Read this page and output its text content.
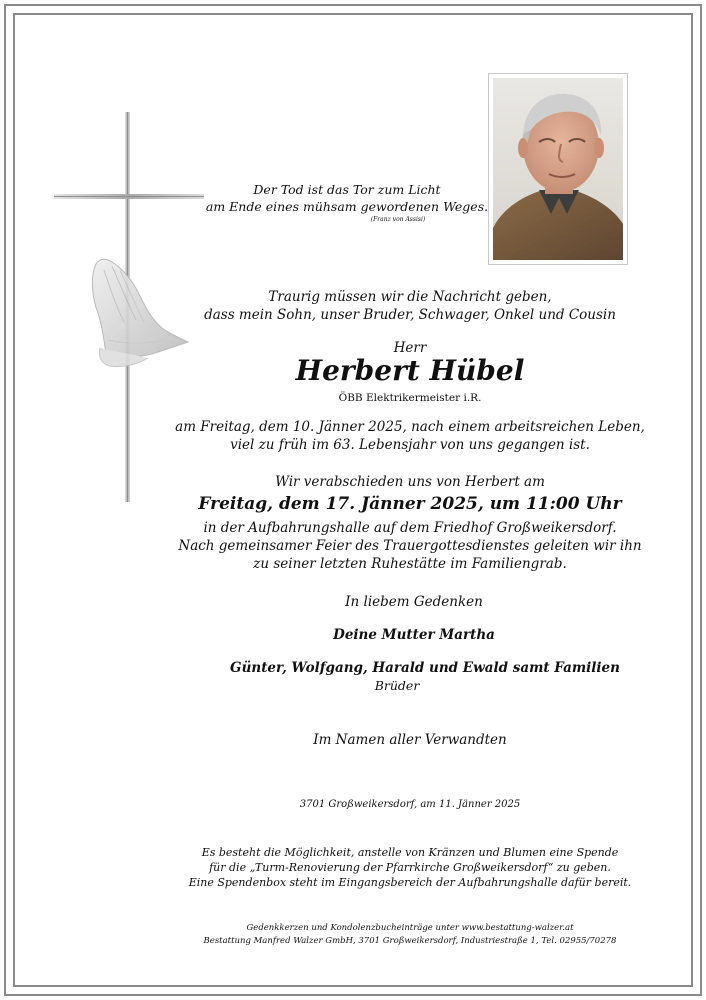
Der Tod ist das Tor zum Licht
am Ende eines mühsam gewordenen Weges.
(Franz von Assisi)
Traurig müssen wir die Nachricht geben,
dass mein Sohn, unser Bruder, Schwager, Onkel und Cousin
Herr
Herbert Hübel
ÖBB Elektrikermeister i.R.
am Freitag, dem 10. Jänner 2025, nach einem arbeitsreichen Leben,
viel zu früh im 63. Lebensjahr von uns gegangen ist.
Wir verabschieden uns von Herbert am
Freitag, dem 17. Jänner 2025, um 11:00 Uhr
in der Aufbahrungshalle auf dem Friedhof Großweikersdorf.
Nach gemeinsamer Feier des Trauergottesdienstes geleiten wir ihn
zu seiner letzten Ruhestätte im Familiengrab.
In liebem Gedenken
Deine Mutter Martha
Günter, Wolfgang, Harald und Ewald samt Familien
Brüder
Im Namen aller Verwandten
3701 Großweikersdorf, am 11. Jänner 2025
Es besteht die Möglichkeit, anstelle von Kränzen und Blumen eine Spende
für die „Turm-Renovierung der Pfarrkirche Großweikersdorf“ zu geben.
Eine Spendenbox steht im Eingangsbereich der Aufbahrungshalle dafür bereit.
Gedenkkerzen und Kondolenzbucheinträge unter www.bestattung-walzer.at
Bestattung Manfred Walzer GmbH, 3701 Großweikersdorf, Industriestraße 1, Tel. 02955/70278
